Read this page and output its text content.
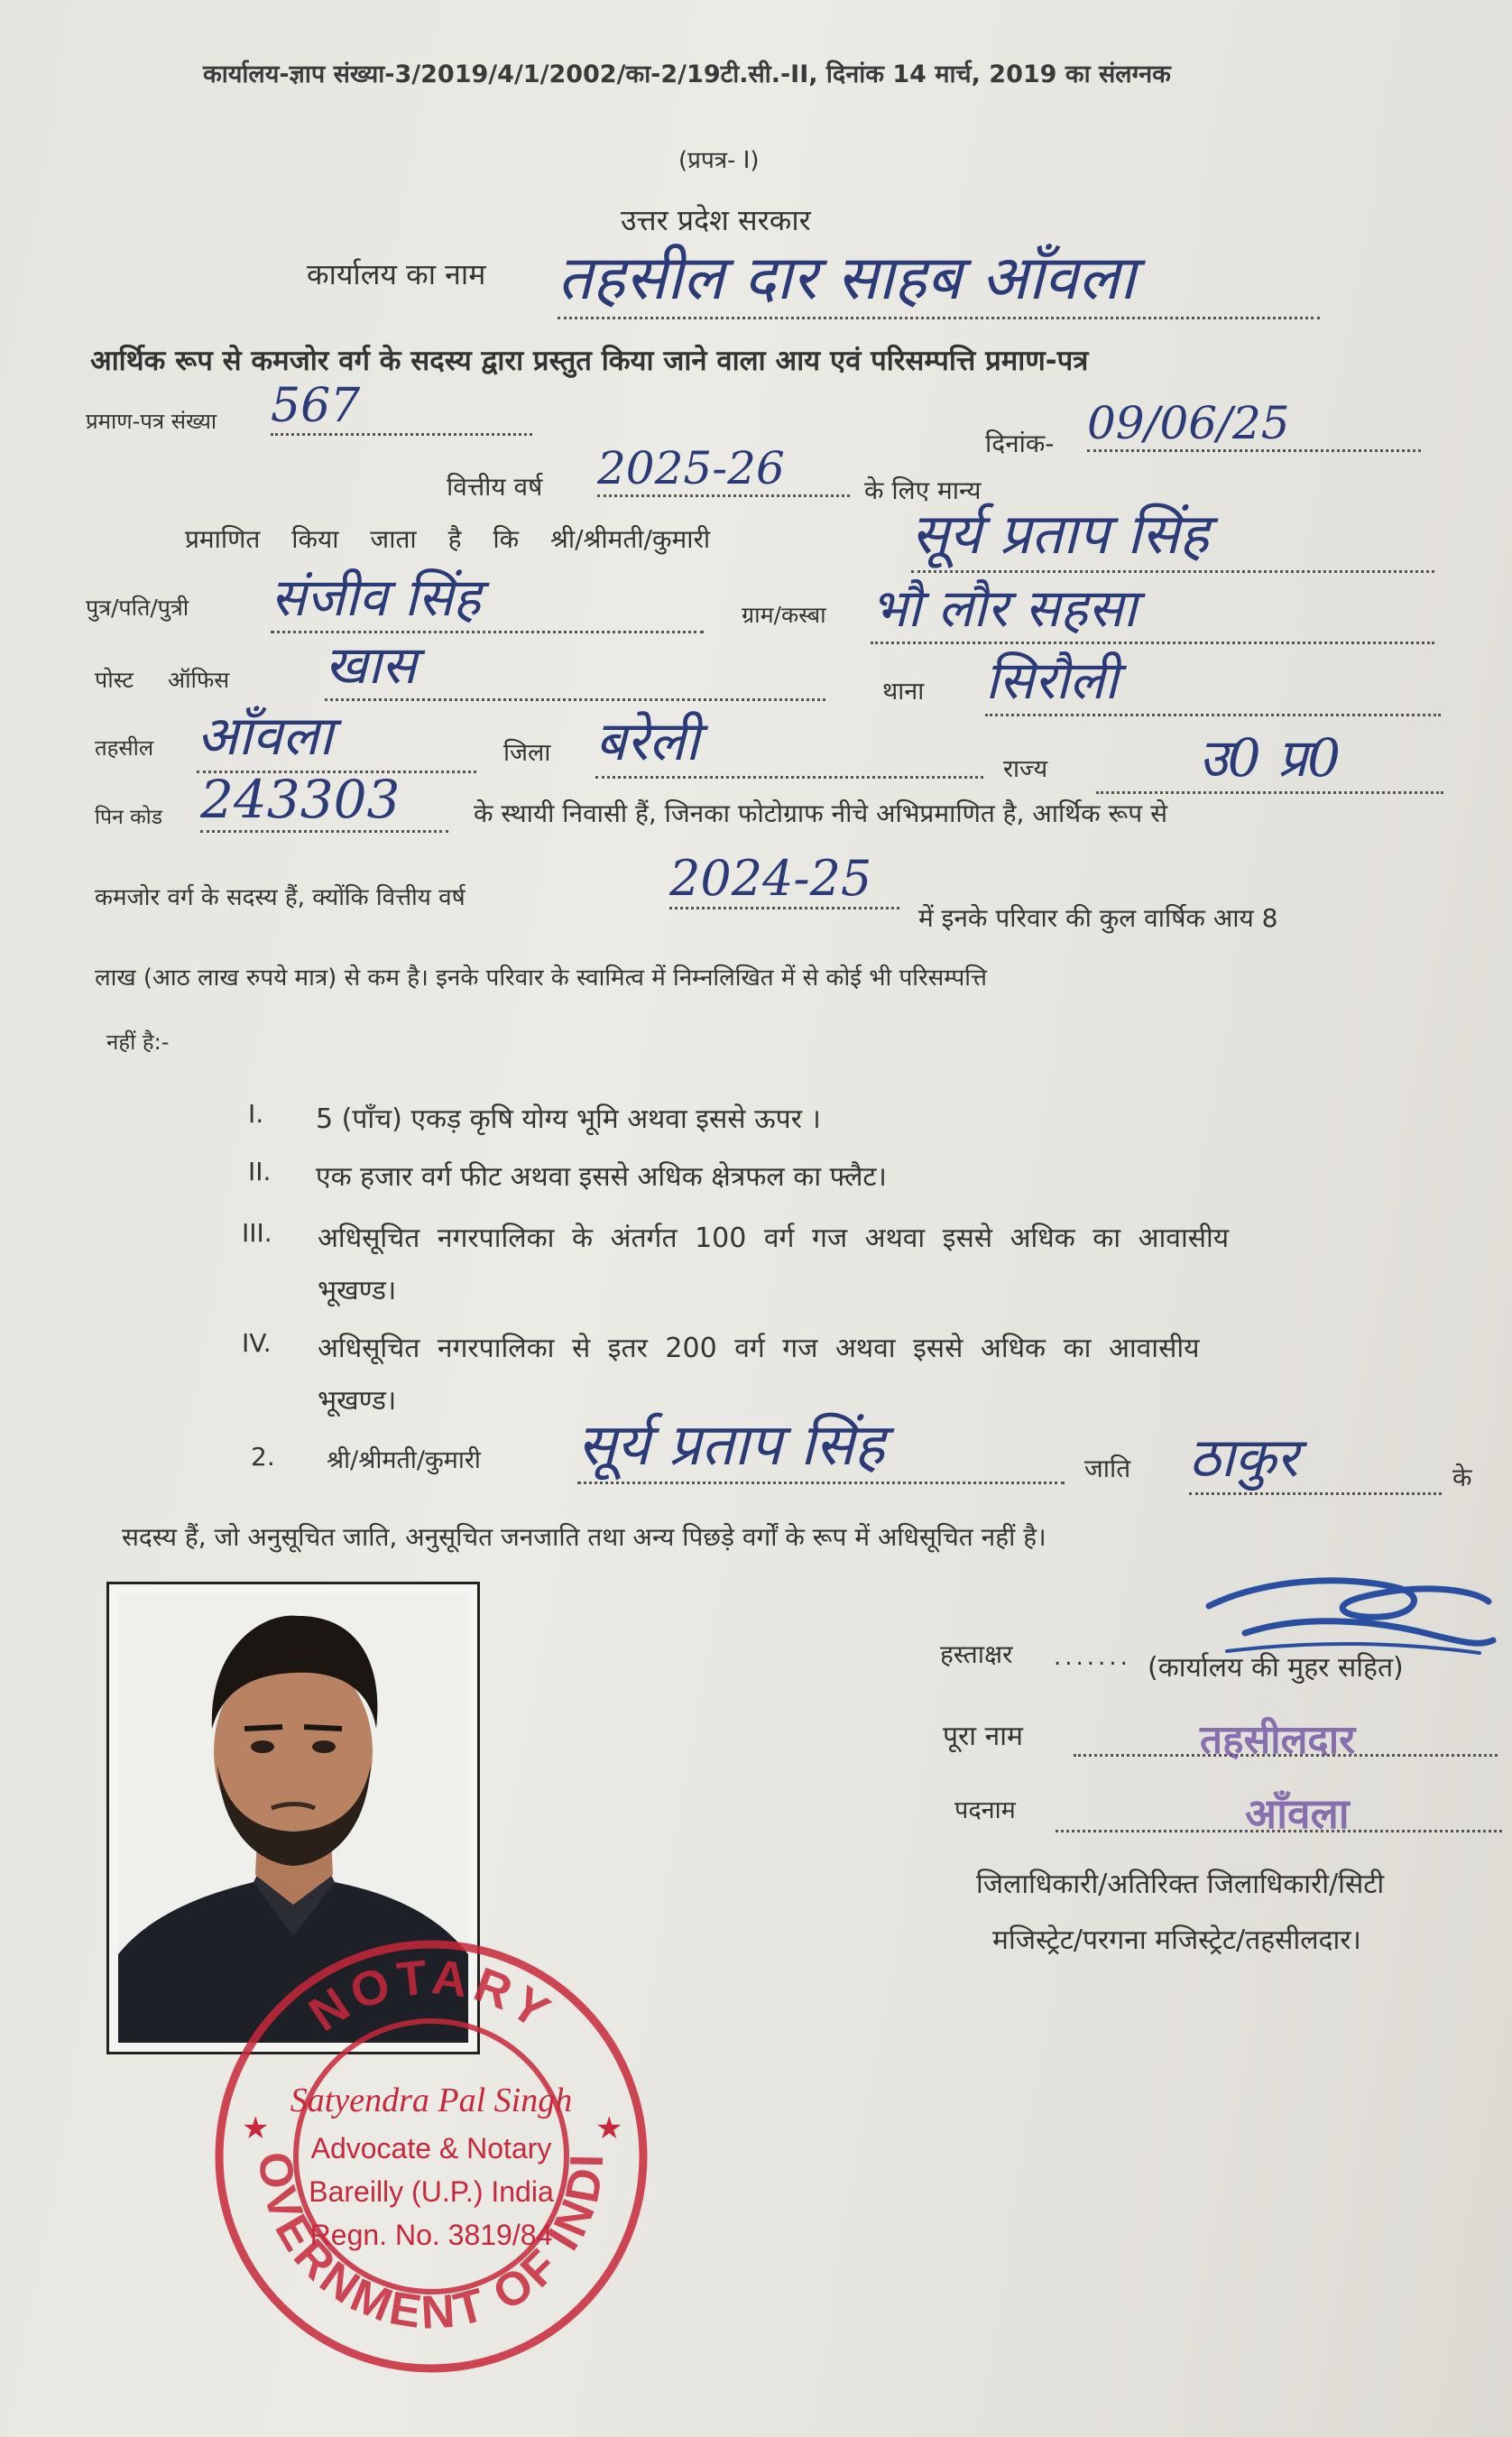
कार्यालय-ज्ञाप संख्या-3/2019/4/1/2002/का-2/19टी.सी.-II, दिनांक 14 मार्च, 2019 का संलग्नक
(प्रपत्र- I)
उत्तर प्रदेश सरकार
कार्यालय का नाम तहसील दार साहब आँवला
आर्थिक रूप से कमजोर वर्ग के सदस्य द्वारा प्रस्तुत किया जाने वाला आय एवं परिसम्पत्ति प्रमाण-पत्र
प्रमाण-पत्र संख्या 567
दिनांक- 09/06/25
वित्तीय वर्ष 2025-26	के लिए मान्य
प्रमाणित किया जाता है कि श्री/श्रीमती/कुमारी	सूर्य प्रताप सिंह
पुत्र/पति/पुत्री संजीव सिंह	ग्राम/कस्बा भौ लौर सहसा
पोस्ट ऑफिस खास	थाना सिरौली
तहसील आँवला	जिला बरेली	राज्य	उ0 प्र0
पिन कोड 243303	के स्थायी निवासी हैं, जिनका फोटोग्राफ नीचे अभिप्रमाणित है, आर्थिक रूप से
कमजोर वर्ग के सदस्य हैं, क्योंकि वित्तीय वर्ष	2024-25
में इनके परिवार की कुल वार्षिक आय 8
लाख (आठ लाख रुपये मात्र) से कम है। इनके परिवार के स्वामित्व में निम्नलिखित में से कोई भी परिसम्पत्ति
नहीं है:-
I. 5 (पाँच) एकड़ कृषि योग्य भूमि अथवा इससे ऊपर ।
II. एक हजार वर्ग फीट अथवा इससे अधिक क्षेत्रफल का फ्लैट।
III. अधिसूचित नगरपालिका के अंतर्गत 100 वर्ग गज अथवा इससे अधिक का आवासीय
भूखण्ड।
IV. अधिसूचित नगरपालिका से इतर 200 वर्ग गज अथवा इससे अधिक का आवासीय
भूखण्ड।
2. श्री/श्रीमती/कुमारी सूर्य प्रताप सिंह	जाति ठाकुर	के
सदस्य हैं, जो अनुसूचित जाति, अनुसूचित जनजाति तथा अन्य पिछड़े वर्गों के रूप में अधिसूचित नहीं है।
हस्ताक्षर ....... (कार्यालय की मुहर सहित)
पूरा नाम	तहसीलदार
पदनाम	आँवला
जिलाधिकारी/अतिरिक्त जिलाधिकारी/सिटी
मजिस्ट्रेट/परगना मजिस्ट्रेट/तहसीलदार।
NOTARY
OVERNMENT OF INDI
★	★
Satyendra Pal Singh
Advocate & Notary
Bareilly (U.P.) India
Regn. No. 3819/84
